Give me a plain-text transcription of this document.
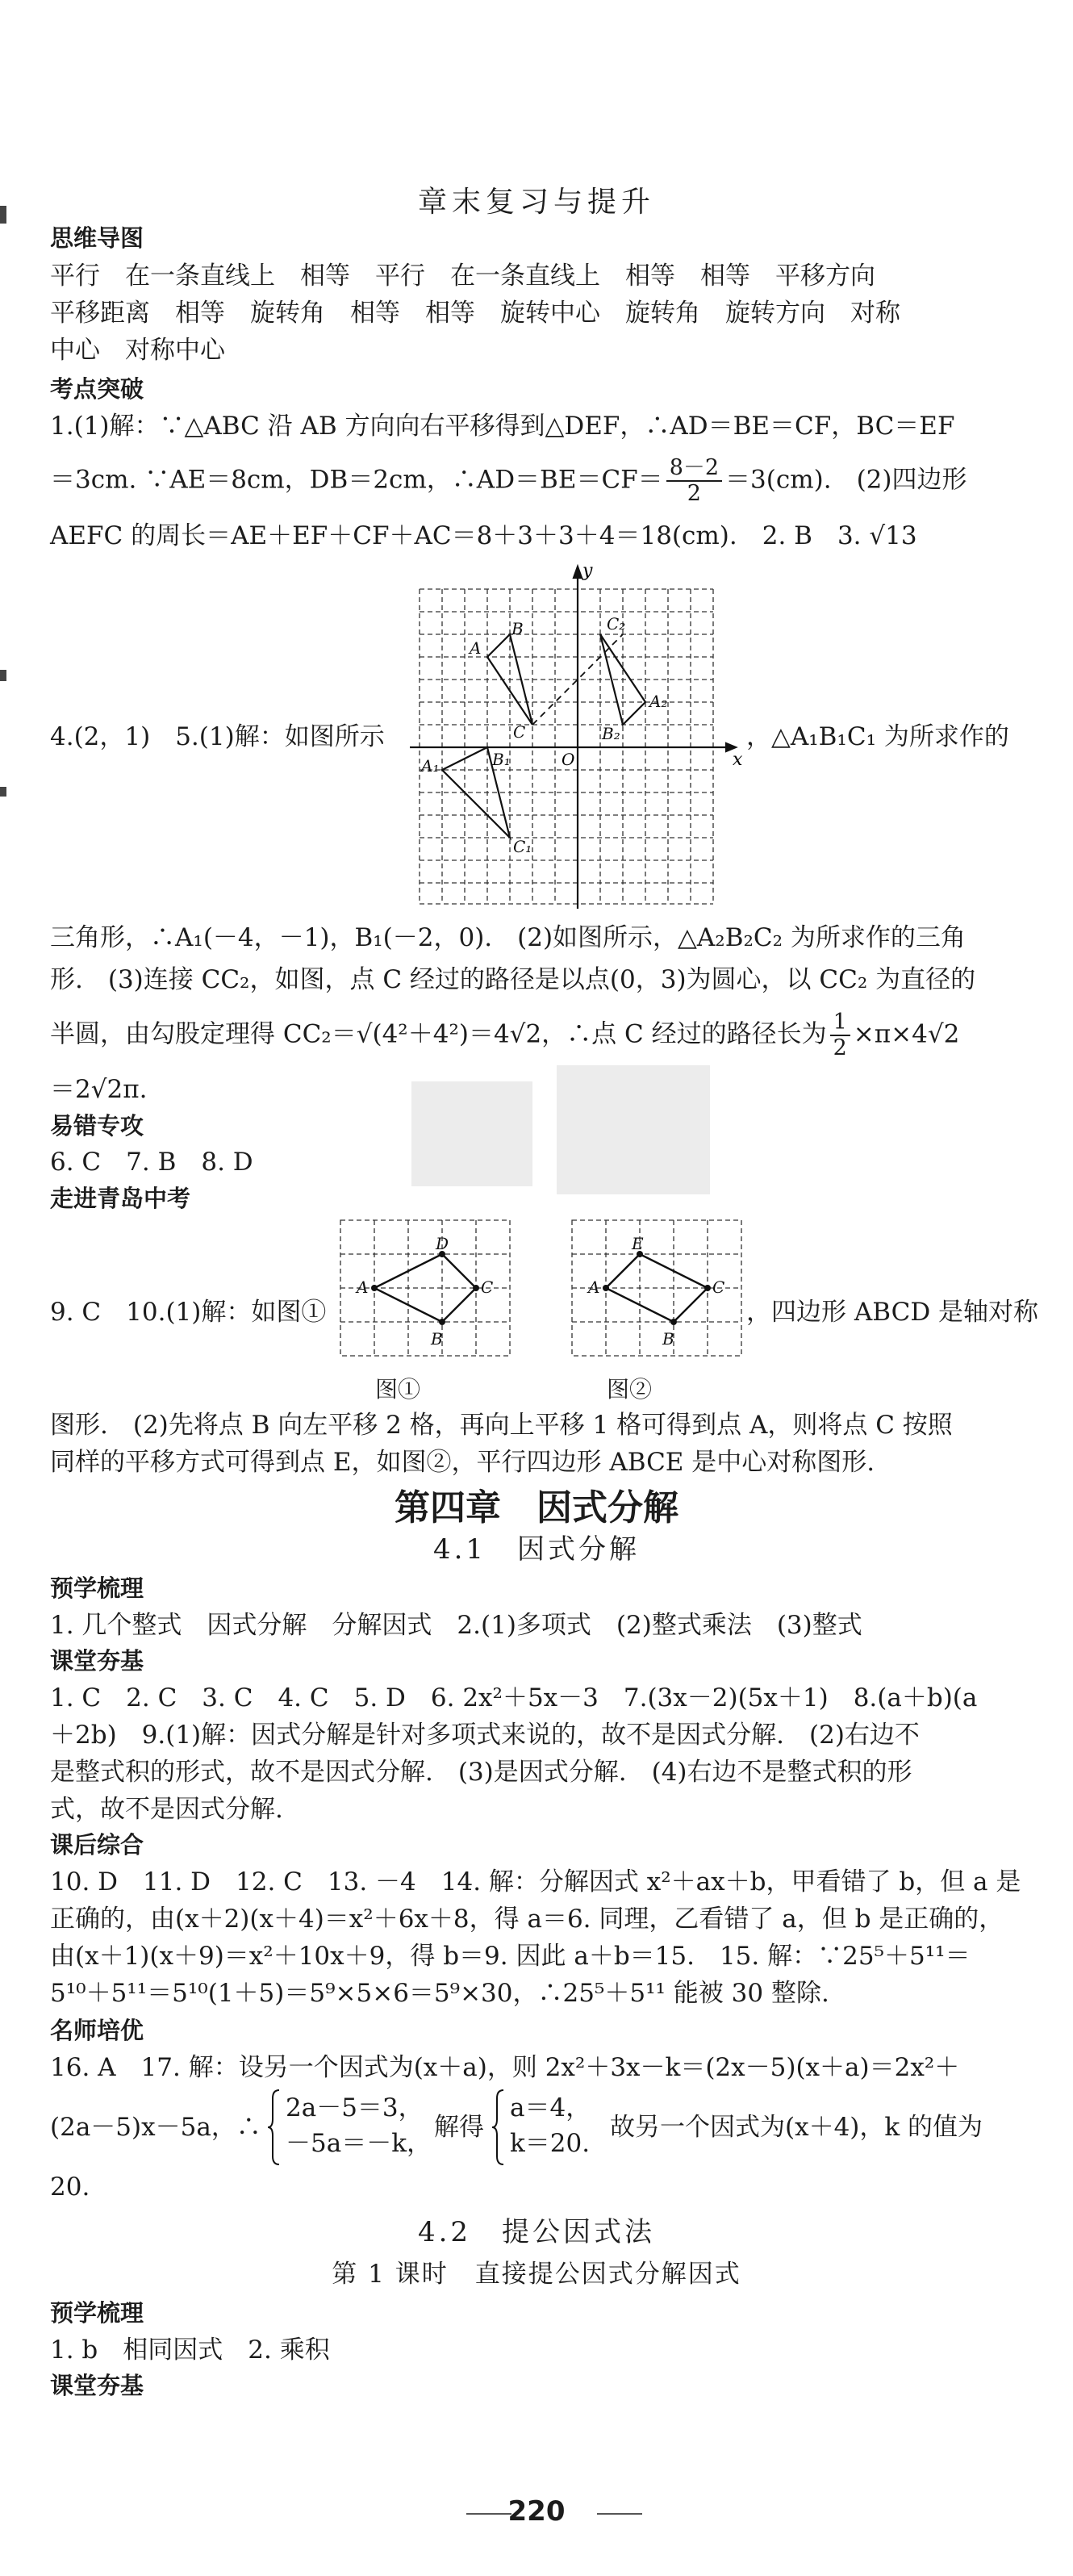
章末复习与提升
思维导图
平行　在一条直线上　相等　平行　在一条直线上　相等　相等　平移方向
平移距离　相等　旋转角　相等　相等　旋转中心　旋转角　旋转方向　对称
中心　对称中心
考点突破
1.(1)解：∵△ABC 沿 AB 方向向右平移得到△DEF，∴AD＝BE＝CF，BC＝EF
＝3cm. ∵AE＝8cm，DB＝2cm，∴AD＝BE＝CF＝ $\frac{8-2}{2} =3(cm)$.　(2)四边形
AEFC 的周长＝AE＋EF＋CF＋AC＝8＋3＋3＋4＝18(cm).　2. B　3. √13
x
y
O
A
B
C
A₁	B₁
C₁
C₂
B₂
A₂
4.(2，1)　5.(1)解：如图所示	，△A₁B₁C₁ 为所求作的
三角形，∴A₁(－4，－1)，B₁(－2，0).　(2)如图所示，△A₂B₂C₂ 为所求作的三角
形.　(3)连接 CC₂，如图，点 C 经过的路径是以点(0，3)为圆心，以 CC₂ 为直径的
半圆，由勾股定理得 CC₂＝√(4²＋4²)＝4√2，∴点 C 经过的路径长为 $\frac{1}{2} \times\pi\times 4√2$
＝2√2π.
易错专攻
6. C　7. B　8. D
走进青岛中考
A
D
C
B
图①
A
E
C
B
图②
9. C　10.(1)解：如图①	，四边形 ABCD 是轴对称
图形.　(2)先将点 B 向左平移 2 格，再向上平移 1 格可得到点 A，则将点 C 按照
同样的平移方式可得到点 E，如图②，平行四边形 ABCE 是中心对称图形.
第四章　因式分解
4.1　因式分解
预学梳理
1. 几个整式　因式分解　分解因式　2.(1)多项式　(2)整式乘法　(3)整式
课堂夯基
1. C　2. C　3. C　4. C　5. D　6. 2x²＋5x－3　7.(3x－2)(5x＋1)　8.(a＋b)(a
＋2b)　9.(1)解：因式分解是针对多项式来说的，故不是因式分解.　(2)右边不
是整式积的形式，故不是因式分解.　(3)是因式分解.　(4)右边不是整式积的形
式，故不是因式分解.
课后综合
10. D　11. D　12. C　13. －4　14. 解：分解因式 x²＋ax＋b，甲看错了 b，但 a 是
正确的，由(x＋2)(x＋4)＝x²＋6x＋8，得 a＝6. 同理，乙看错了 a，但 b 是正确的，
由(x＋1)(x＋9)＝x²＋10x＋9，得 b＝9. 因此 a＋b＝15.　15. 解：∵25⁵＋5¹¹＝
5¹⁰＋5¹¹＝5¹⁰(1＋5)＝5⁹×5×6＝5⁹×30，∴25⁵＋5¹¹ 能被 30 整除.
名师培优
16. A　17. 解：设另一个因式为(x＋a)，则 2x²＋3x－k＝(2x－5)(x＋a)＝2x²＋
(2a－5)x－5a，∴
2a－5＝3，
－5a＝－k，
解得
a＝4，
k＝20.
故另一个因式为(x＋4)，k 的值为
20.
4.2　提公因式法
第 1 课时　直接提公因式分解因式
预学梳理
1. b　相同因式　2. 乘积
课堂夯基
220
